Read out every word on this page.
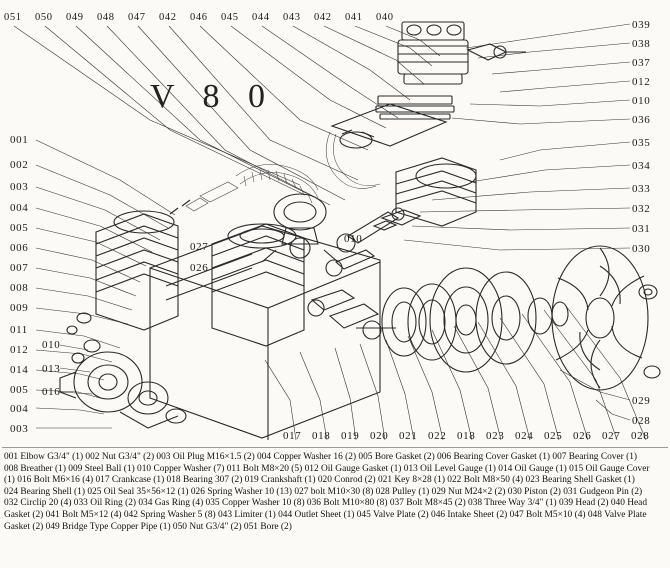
051 050 049 048 047 042 046 045 044 043 042 041 040
V 8 0
039
038
037
012
010
036
035
034
033
032
031
030
029
028
001
002
003
004
005
006
007
008
009
011
012
014
005
004
003
010
013
016
027
026
010
017 018 019 020 021 022 018 023 024 025 026 027 028

001 Elbow G3/4" (1) 002 Nut G3/4" (2) 003 Oil Plug M16×1.5 (2) 004 Copper Washer 16 (2) 005 Bore Gasket (2) 006 Bearing Cover Gasket (1) 007 Bearing Cover (1)

008 Breather (1) 009 Steel Ball (1) 010 Copper Washer (7) 011 Bolt M8×20 (5) 012 Oil Gauge Gasket (1) 013 Oil Level Gauge (1) 014 Oil Gauge (1) 015 Oil Gauge Cover

(1) 016 Bolt M6×16 (4) 017 Crankcase (1) 018 Bearing 307 (2) 019 Crankshaft (1) 020 Conrod (2) 021 Key 8×28 (1) 022 Bolt M8×50 (4) 023 Bearing Shell Gasket (1)

024 Bearing Shell (1) 025 Oil Seal 35×56×12 (1) 026 Spring Washer 10 (13) 027 bolt M10×30 (8) 028 Pulley (1) 029 Nut M24×2 (2) 030 Piston (2) 031 Gudgeon Pin (2)

032 Circlip 20 (4) 033 Oil Ring (2) 034 Gas Ring (4) 035 Copper Washer 10 (8) 036 Bolt M10×80 (8) 037 Bolt M8×45 (2) 038 Three Way 3/4" (1) 039 Head (2) 040 Head

Gasket (2) 041 Bolt M5×12 (4) 042 Spring Washer 5 (8) 043 Limiter (1) 044 Outlet Sheet (1) 045 Valve Plate (2) 046 Intake Sheet (2) 047 Bolt M5×10 (4) 048 Valve Plate

Gasket (2) 049 Bridge Type Copper Pipe (1) 050 Nut G3/4" (2) 051 Bore (2)
